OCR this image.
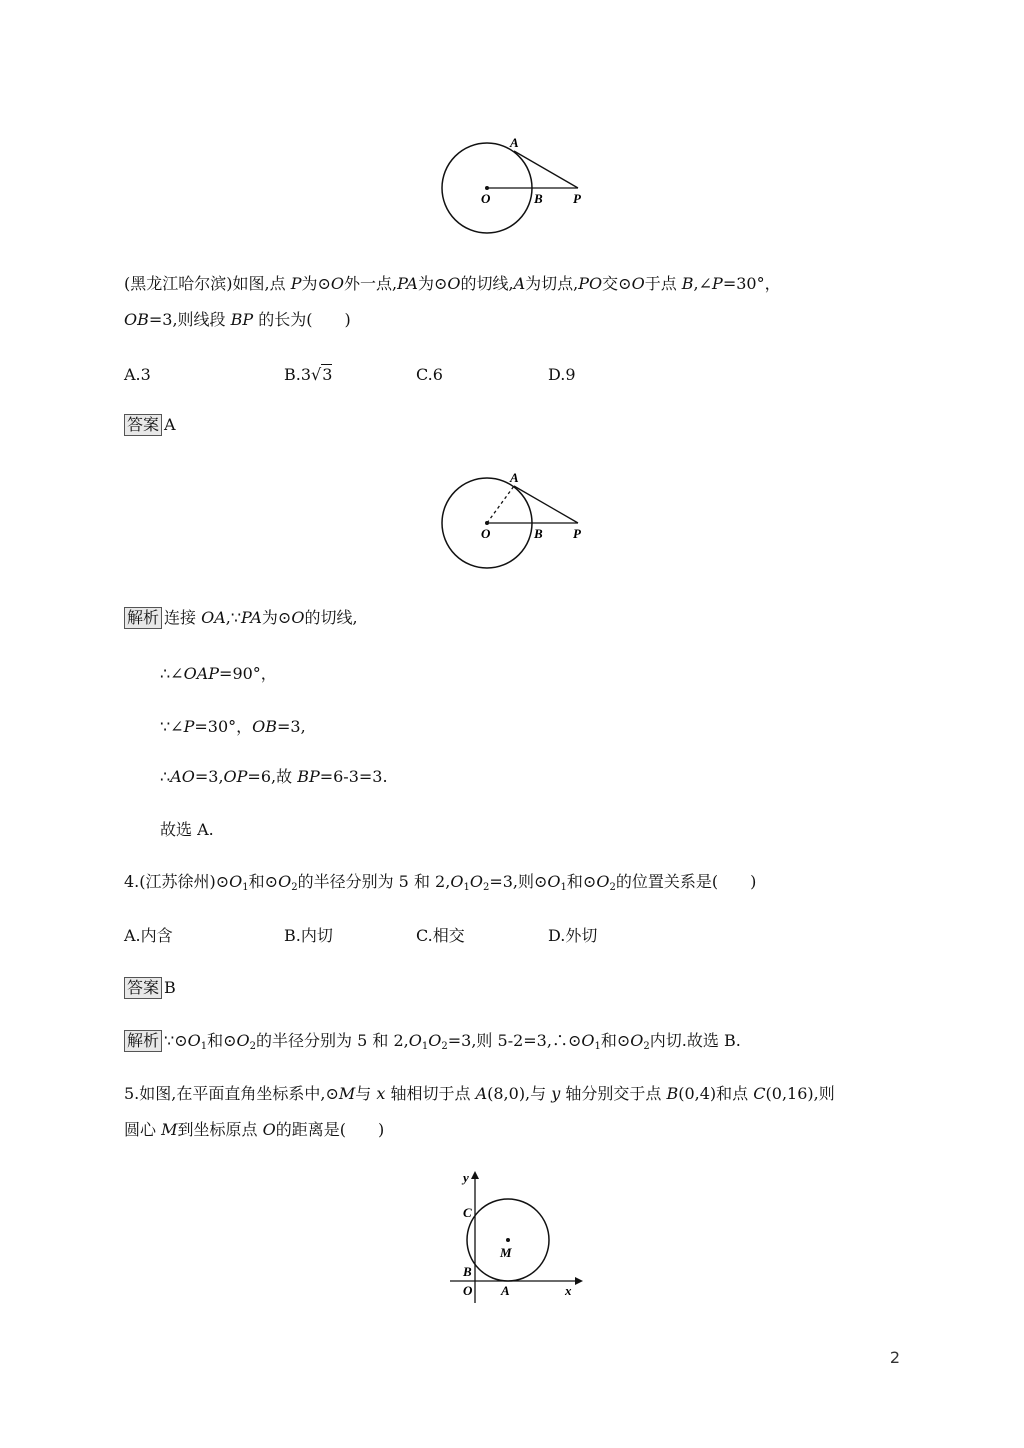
A
O	B P
(黑龙江哈尔滨)如图,点 P为⊙O外一点,PA为⊙O的切线,A为切点,PO交⊙O于点 B,∠P=30°，
OB=3,则线段 BP 的长为(　　)
A.3	B.3√3	C.6	D.9
答案 A
A
O	B P
解析 连接 OA,∵PA为⊙O的切线,
∴∠OAP=90°，
∵∠P=30°，OB=3,
∴AO=3,OP=6,故 BP=6-3=3.
故选 A.
4.(江苏徐州)$⊙O_1$和$⊙O_2$的半径分别为 5 和 $2,O_1O_2=3$,则$⊙O_1$和$⊙O_2$的位置关系是(　　)
A.内含	B.内切	C.相交	D.外切
答案 B
解析 $\because⊙O_1$和$⊙O_2$的半径分别为 5 和 $2,O_1O_2=3$,则 $5-2=3,\therefore⊙O_1$和$⊙O_2$内切.故选 B.
5.如图,在平面直角坐标系中,⊙M与 x 轴相切于点 A(8,0),与 y 轴分别交于点 B(0,4)和点 C(0,16),则
圆心 M到坐标原点 O的距离是(　　)
y
x
C
M
B
O A
2
